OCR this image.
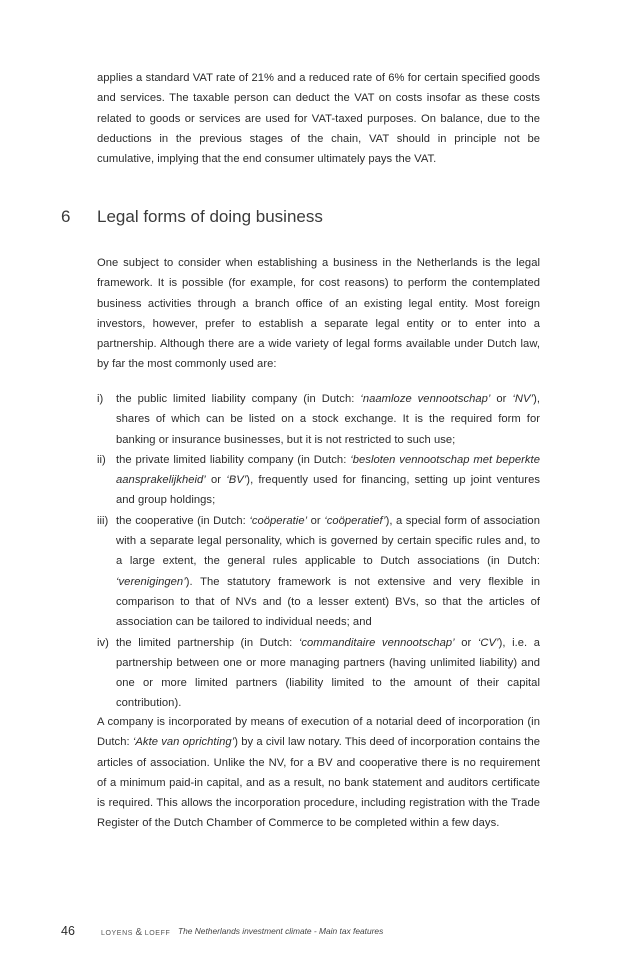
applies a standard VAT rate of 21% and a reduced rate of 6% for certain specified goods and services. The taxable person can deduct the VAT on costs insofar as these costs related to goods or services are used for VAT-taxed purposes. On balance, due to the deductions in the previous stages of the chain, VAT should in principle not be cumulative, implying that the end consumer ultimately pays the VAT.

6 Legal forms of doing business

One subject to consider when establishing a business in the Netherlands is the legal framework. It is possible (for example, for cost reasons) to perform the contemplated business activities through a branch office of an existing legal entity. Most foreign investors, however, prefer to establish a separate legal entity or to enter into a partnership. Although there are a wide variety of legal forms available under Dutch law, by far the most commonly used are:

i) the public limited liability company (in Dutch: ‘naamloze vennootschap’ or ‘NV’), shares of which can be listed on a stock exchange. It is the required form for banking or insurance businesses, but it is not restricted to such use;

ii) the private limited liability company (in Dutch: ‘besloten vennootschap met beperkte aansprakelijkheid’ or ‘BV’), frequently used for financing, setting up joint ventures and group holdings;

iii) the cooperative (in Dutch: ‘coöperatie’ or ‘coöperatief’), a special form of association with a separate legal personality, which is governed by certain specific rules and, to a large extent, the general rules applicable to Dutch associations (in Dutch: ‘verenigingen’). The statutory framework is not extensive and very flexible in comparison to that of NVs and (to a lesser extent) BVs, so that the articles of association can be tailored to individual needs; and

iv) the limited partnership (in Dutch: ‘commanditaire vennootschap’ or ‘CV’), i.e. a partnership between one or more managing partners (having unlimited liability) and one or more limited partners (liability limited to the amount of their capital contribution).

A company is incorporated by means of execution of a notarial deed of incorporation (in Dutch: ‘Akte van oprichting’) by a civil law notary. This deed of incorporation contains the articles of association. Unlike the NV, for a BV and cooperative there is no requirement of a minimum paid-in capital, and as a result, no bank statement and auditors certificate is required. This allows the incorporation procedure, including registration with the Trade Register of the Dutch Chamber of Commerce to be completed within a few days.

46	LOYENS & LOEFF The Netherlands investment climate - Main tax features
